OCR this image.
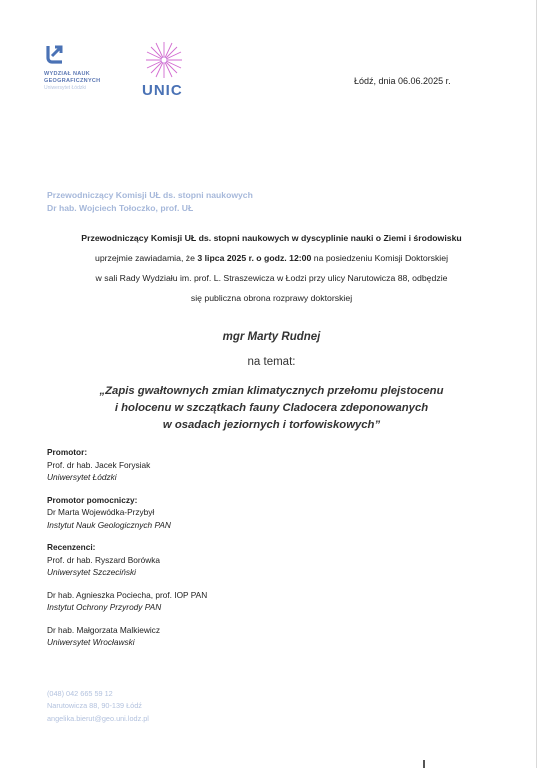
WYDZIAŁ NAUK
GEOGRAFICZNYCH
Uniwersytet Łódzki	UNIC
Łódź, dnia 06.06.2025 r.
Przewodniczący Komisji UŁ ds. stopni naukowych
Dr hab. Wojciech Tołoczko, prof. UŁ
Przewodniczący Komisji UŁ ds. stopni naukowych w dyscyplinie nauki o Ziemi i środowisku
uprzejmie zawiadamia, że 3 lipca 2025 r. o godz. 12:00 na posiedzeniu Komisji Doktorskiej
w sali Rady Wydziału im. prof. L. Straszewicza w Łodzi przy ulicy Narutowicza 88, odbędzie
się publiczna obrona rozprawy doktorskiej
mgr Marty Rudnej
na temat:
„Zapis gwałtownych zmian klimatycznych przełomu plejstocenu
i holocenu w szczątkach fauny Cladocera zdeponowanych
w osadach jeziornych i torfowiskowych”
Promotor:
Prof. dr hab. Jacek Forysiak
Uniwersytet Łódzki
Promotor pomocniczy:
Dr Marta Wojewódka-Przybył
Instytut Nauk Geologicznych PAN
Recenzenci:
Prof. dr hab. Ryszard Borówka
Uniwersytet Szczeciński
Dr hab. Agnieszka Pociecha, prof. IOP PAN
Instytut Ochrony Przyrody PAN
Dr hab. Małgorzata Malkiewicz
Uniwersytet Wrocławski
(048) 042 665 59 12
Narutowicza 88, 90-139 Łódź
angelika.bierut@geo.uni.lodz.pl
